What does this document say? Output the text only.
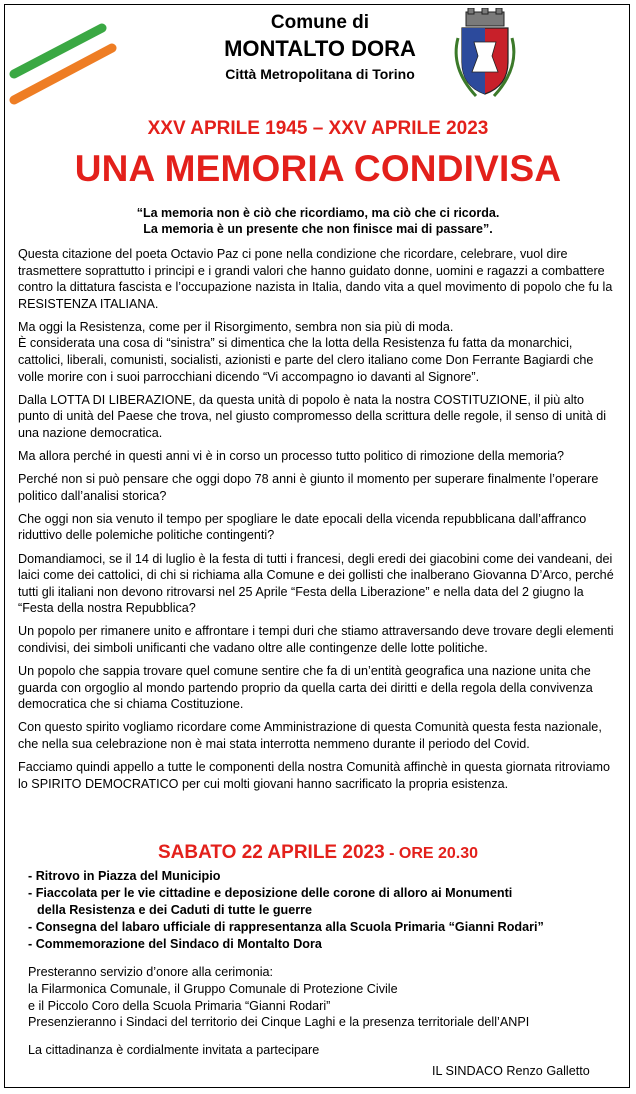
Comune di
MONTALTO DORA
Città Metropolitana di Torino
XXV APRILE 1945 – XXV APRILE 2023
UNA MEMORIA CONDIVISA
“La memoria non è ciò che ricordiamo, ma ciò che ci ricorda.
La memoria è un presente che non finisce mai di passare”.

Questa citazione del poeta Octavio Paz ci pone nella condizione che ricordare, celebrare, vuol dire trasmettere soprattutto i principi e i grandi valori che hanno guidato donne, uomini e ragazzi a combattere contro la dittatura fascista e l’occupazione nazista in Italia, dando vita a quel movimento di popolo che fu la RESISTENZA ITALIANA.

Ma oggi la Resistenza, come per il Risorgimento, sembra non sia più di moda.
È considerata una cosa di “sinistra” si dimentica che la lotta della Resistenza fu fatta da monarchici, cattolici, liberali, comunisti, socialisti, azionisti e parte del clero italiano come Don Ferrante Bagiardi che volle morire con i suoi parrocchiani dicendo “Vi accompagno io davanti al Signore”.

Dalla LOTTA DI LIBERAZIONE, da questa unità di popolo è nata la nostra COSTITUZIONE, il più alto punto di unità del Paese che trova, nel giusto compromesso della scrittura delle regole, il senso di unità di una nazione democratica.

Ma allora perché in questi anni vi è in corso un processo tutto politico di rimozione della memoria?

Perché non si può pensare che oggi dopo 78 anni è giunto il momento per superare finalmente l’operare politico dall’analisi storica?

Che oggi non sia venuto il tempo per spogliare le date epocali della vicenda repubblicana dall’affranco riduttivo delle polemiche politiche contingenti?

Domandiamoci, se il 14 di luglio è la festa di tutti i francesi, degli eredi dei giacobini come dei vandeani, dei laici come dei cattolici, di chi si richiama alla Comune e dei gollisti che inalberano Giovanna D’Arco, perché tutti gli italiani non devono ritrovarsi nel 25 Aprile “Festa della Liberazione” e nella data del 2 giugno la “Festa della nostra Repubblica?

Un popolo per rimanere unito e affrontare i tempi duri che stiamo attraversando deve trovare degli elementi condivisi, dei simboli unificanti che vadano oltre alle contingenze delle lotte politiche.

Un popolo che sappia trovare quel comune sentire che fa di un’entità geografica una nazione unita che guarda con orgoglio al mondo partendo proprio da quella carta dei diritti e della regola della convivenza democratica che si chiama Costituzione.

Con questo spirito vogliamo ricordare come Amministrazione di questa Comunità questa festa nazionale, che nella sua celebrazione non è mai stata interrotta nemmeno durante il periodo del Covid.

Facciamo quindi appello a tutte le componenti della nostra Comunità affinchè in questa giornata ritroviamo lo SPIRITO DEMOCRATICO per cui molti giovani hanno sacrificato la propria esistenza.

SABATO 22 APRILE 2023 - ORE 20.30
- Ritrovo in Piazza del Municipio
- Fiaccolata per le vie cittadine e deposizione delle corone di alloro ai Monumenti
della Resistenza e dei Caduti di tutte le guerre
- Consegna del labaro ufficiale di rappresentanza alla Scuola Primaria “Gianni Rodari”
- Commemorazione del Sindaco di Montalto Dora
Presteranno servizio d’onore alla cerimonia:
la Filarmonica Comunale, il Gruppo Comunale di Protezione Civile
e il Piccolo Coro della Scuola Primaria “Gianni Rodari”
Presenzieranno i Sindaci del territorio dei Cinque Laghi e la presenza territoriale dell’ANPI
La cittadinanza è cordialmente invitata a partecipare
IL SINDACO Renzo Galletto
